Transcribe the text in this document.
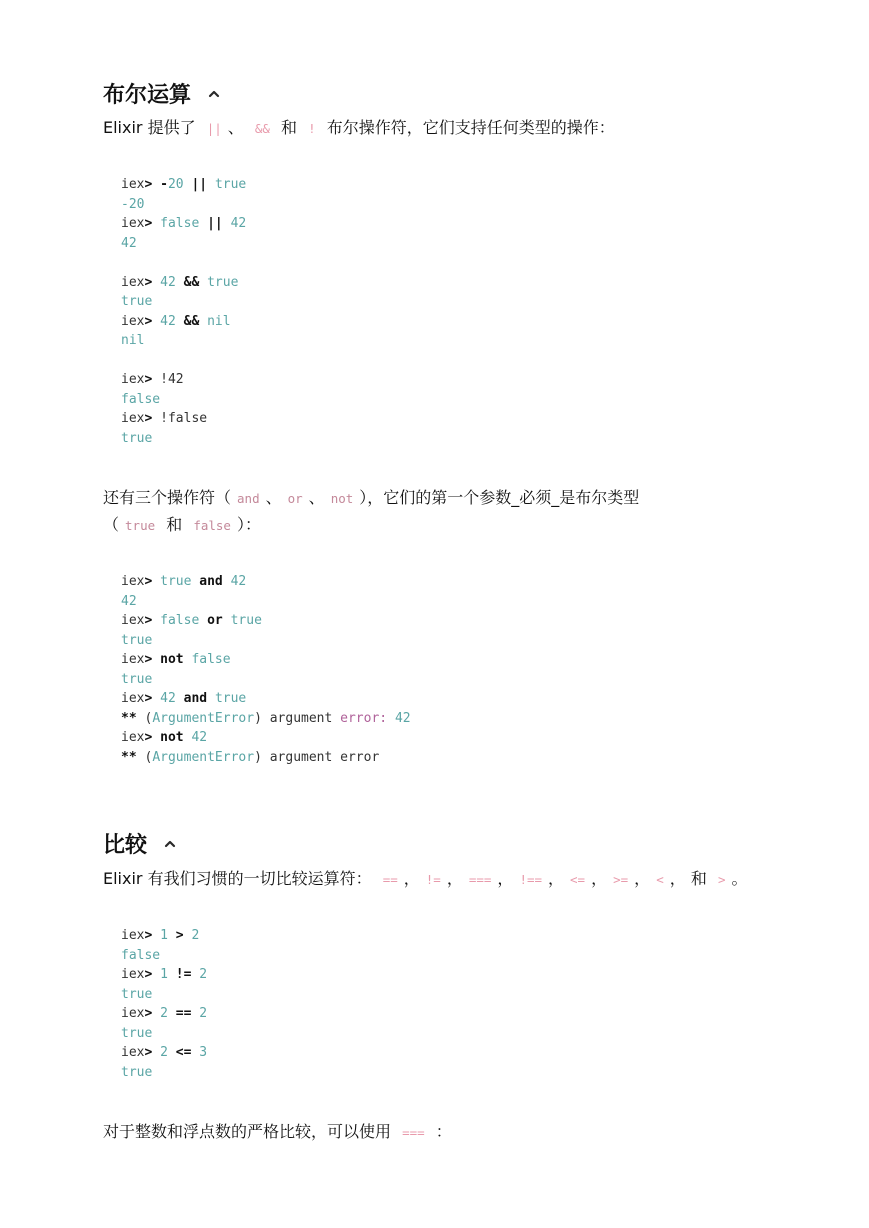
布尔运算

Elixir 提供了 || 、 && 和 ! 布尔操作符，它们支持任何类型的操作：

iex> -20 || true
-20
iex> false || 42
42
iex> 42 && true
true
iex> 42 && nil
nil
iex> !42
false
iex> !false
true

还有三个操作符（ and 、 or 、 not ），它们的第一个参数_必须_是布尔类型

（ true 和 false ）：

iex> true and 42
42
iex> false or true
true
iex> not false
true
iex> 42 and true
** (ArgumentError) argument error: 42
iex> not 42
** (ArgumentError) argument error
比较

Elixir 有我们习惯的一切比较运算符： == ， != ， === ， !== ， <= ， >= ， < ， 和 > 。

iex> 1 > 2
false
iex> 1 != 2
true
iex> 2 == 2
true
iex> 2 <= 3
true

对于整数和浮点数的严格比较，可以使用 === ：
